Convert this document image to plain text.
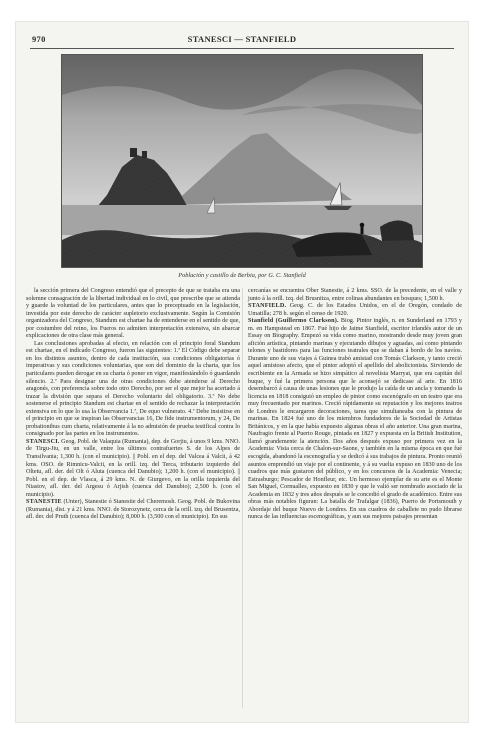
970	STANESCI — STANFIELD
Población y castillo de Berbia, por G. C. Stanfield

la sección primera del Congreso entendió que el precepto de que se tratabа era una solemne consagración de la libertad individual en lo civil, que prescribe que se atienda y guarde la voluntad de los particulares, antes que lo preceptuado en la legislación, investida por este derecho de carácter supletorio exclusivamente. Según la Comisión organizadora del Congreso, Standum est chartae ha de entenderse en el sentido de que, por costumbre del reino, los Fueros no admiten interpretación extensiva, sin abarcar explicaciones de otra clase más general.

Las conclusiones aprobadas al efecto, en relación con el principio foral Standum est chartae, en el indicado Congreso, fueron las siguientes: 1.ª El Código debe separar en los distintos asuntos, dentro de cada institución, sus condiciones obligatorias ó imperativas y sus condiciones voluntarias, que son del dominio de la charta, que los particulares pueden derogar en su charta ó poner en vigor, manifestándolo ó guardando silencio. 2.ª Para designar una de otras condiciones debe atenderse al Derecho aragonés, con preferencia sobre todo otro Derecho, por ser el que mejor ha acertado á trazar la división que separa el Derecho voluntario del obligatorio. 3.ª No debe sostenerse el principio Standum est chartae en el sentido de rechazar la interpretación extensiva en lo que lo usa la Observancia 1.ª, De equo vulnerato. 4.ª Debe insistirse en el principio en que se inspiran las Observancias 16, De fide instrumentorum, y 24, De probationibus cum charta, relativamente á la no admisión de prueba testifical contra lo consignado por las partes en los instrumentos.

STANESCI. Geog. Pobl. de Valaquia (Rumania), dep. de Gorjiu, á unos 9 kms. NNO. de Tirgu-Jiu, en un valle, entre los últimos contrafuertes S. de los Alpes de Transilvania; 1,300 h. (con el municipio). || Pobl. en el dep. del Valcea á Valcii, á 42 kms. OSO. de Rimnicu-Valcii, en la orill. izq. del Terca, tributario izquierdo del Oltetu, afl. der. del Olt ó Aluta (cuenca del Danubio); 1,200 h. (con el municipio). || Pobl. en el dep. de Vlasca, á 29 kms. N. de Giurgevo, en la orilla izquierda del Niastov, afl. der. del Argesu ó Arjish (cuenca del Danubio); 2,500 h. (con el municipio).

STANESTIE (Unter), Stanestie ó Stanestie del Cheremosh. Geog. Pobl. de Bukovina (Rumania), dist. y á 21 kms. NNO. de Storozynetz, cerca de la orill. izq. del Brusentza, afl. der. del Pruth (cuenca del Danubio); 8,000 h. (3,500 con el municipio). En sus

cercanías se encuentra Ober Stanestie, á 2 kms. SSO. de la precedente, en el valle y junto á la orill. izq. del Brusnitza, entre colinas abundantes en bosques; 1,500 h.

STANFIELD. Geog. C. de los Estados Unidos, en el de Oregón, condado de Umatilla; 278 h. según el censo de 1920.

Stanfield (Guillermo Clarkson). Biog. Pintor inglés, n. en Sunderland en 1793 y m. en Hampstead en 1867. Fué hijo de Jaime Stanfield, escritor irlandés autor de un Essay on Biography. Empezó su vida como marino, mostrando desde muy joven gran afición artística, pintando marinas y ejecutando dibujos y aguadas, así como pintando telones y bastidores para las funciones teatrales que se daban á bordo de los navíos. Durante uno de sus viajes á Guinea trabó amistad con Tomás Clarkson, y tanto creció aquel amistoso afecto, que el pintor adoptó el apellido del abolicionista. Sirviendo de escribiente en la Armada se hizo simpático al novelista Marryat, que era capitán del buque, y fué la primera persona que le aconsejó se dedicase al arte. En 1816 desembarcó á causa de unas lesiones que le produjo la caída de un ancla y tomando la licencia en 1818 consiguió un empleo de pintor como escenógrafo en un teatro que era muy frecuentado por marinos. Creció rápidamente su reputación y los mejores teatros de Londres le encargaron decoraciones, tarea que simultaneaba con la pintura de marinas. En 1824 fué uno de los miembros fundadores de la Sociedad de Artistas Británicos, y en la que había expuesto algunas obras el año anterior. Una gran marina, Naufragio frente al Puerto Rouge, pintada en 1827 y expuesta en la British Institution, llamó grandemente la atención. Dos años después expuso por primera vez en la Academia: Vista cerca de Chalon-sur-Saone, y también en la misma época en que fué escogida, abandonó la escenografía y se dedicó á sus trabajos de pintura. Pronto reunió asuntos emprendió un viaje por el continente, y á su vuelta expuso en 1830 uno de los cuadros que más gustaron del público, y en los concursos de la Academia: Venecia; Estrasburgo; Pescador de Honfleur, etc. Un hermoso ejemplar de su arte es el Monte San Miguel, Cornualles, expuesto en 1830 y que le valió ser nombrado asociado de la Academia en 1832 y tres años después se le concedió el grado de académico. Entre sus obras más notables figuran: La batalla de Trafalgar (1836), Puerto de Portsmouth y Abordaje del buque Nuevo de Londres. En sus cuadros de caballete no pudo librarse nunca de las influencias escenográficas, y aun sus mejores paisajes presentan
